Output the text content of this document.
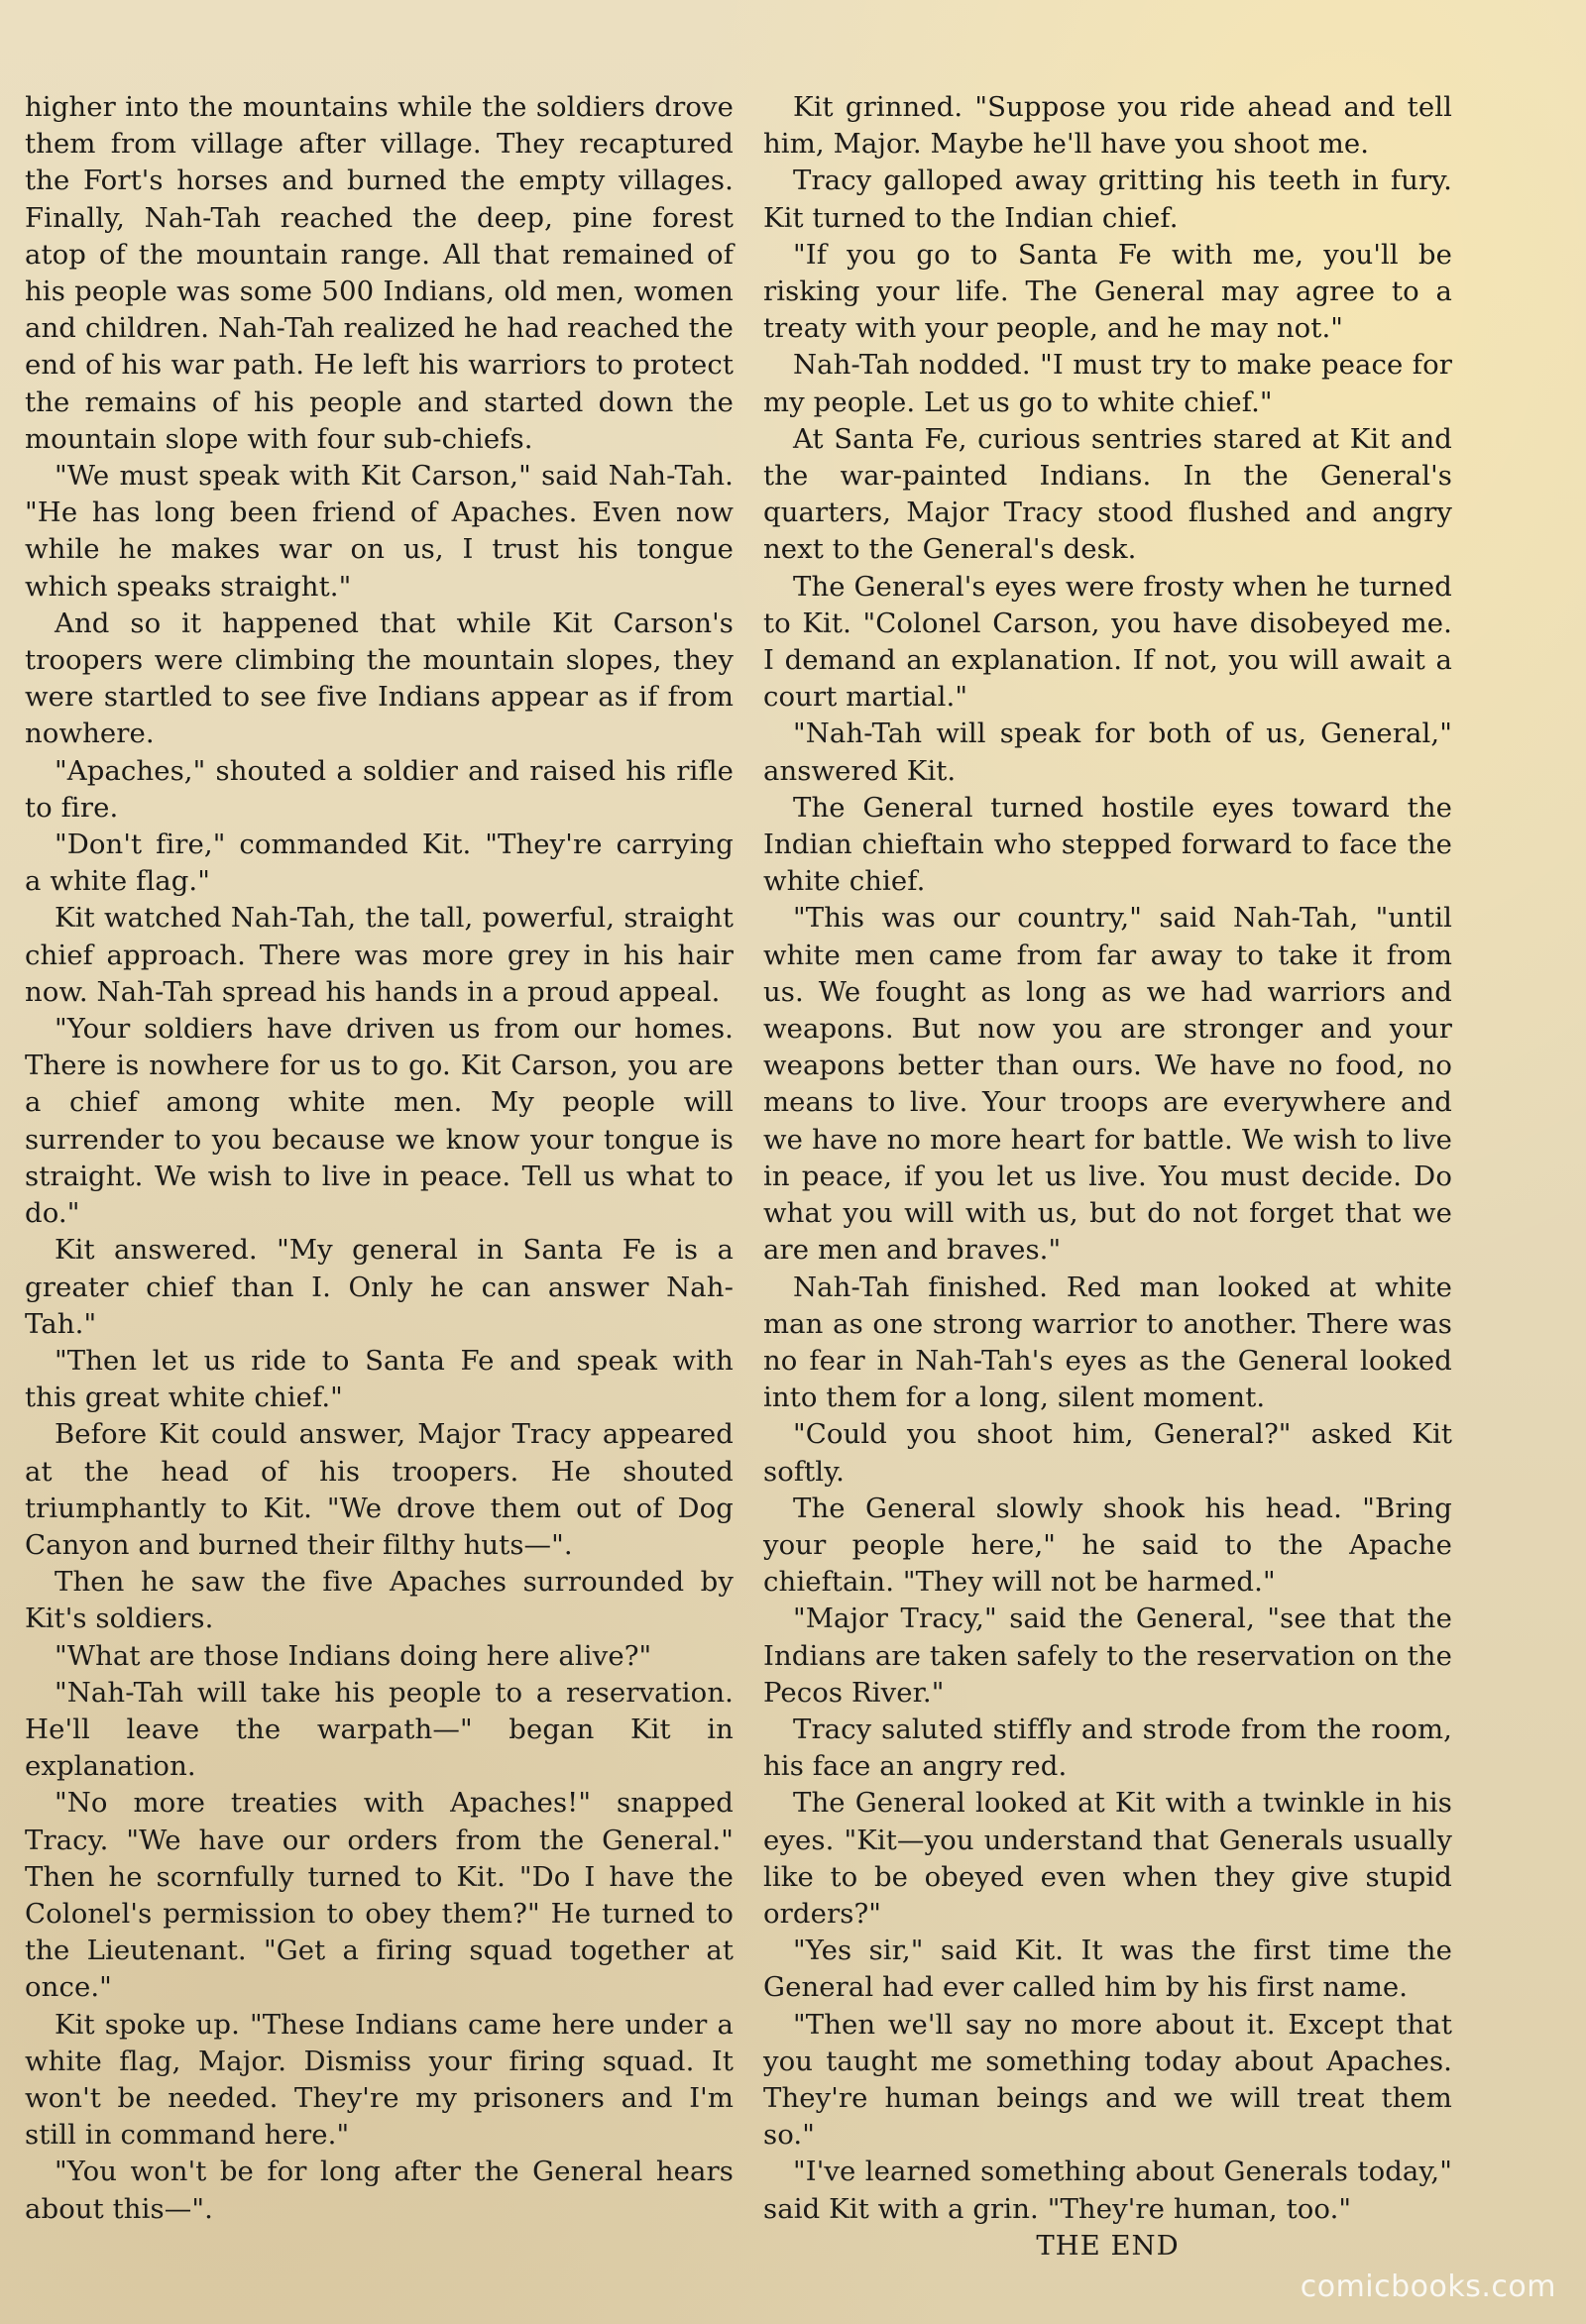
higher into the mountains while the soldiers drove them from village after village. They recaptured the Fort's horses and burned the empty villages. Finally, Nah-Tah reached the deep, pine forest atop of the mountain range. All that remained of his people was some 500 Indians, old men, women and children. Nah-Tah realized he had reached the end of his war path. He left his warriors to protect the remains of his people and started down the mountain slope with four sub-chiefs.

"We must speak with Kit Carson," said Nah-Tah. "He has long been friend of Apaches. Even now while he makes war on us, I trust his tongue which speaks straight."

And so it happened that while Kit Carson's troopers were climbing the mountain slopes, they were startled to see five Indians appear as if from nowhere.

"Apaches," shouted a soldier and raised his rifle to fire.

"Don't fire," commanded Kit. "They're carrying a white flag."

Kit watched Nah-Tah, the tall, powerful, straight chief approach. There was more grey in his hair now. Nah-Tah spread his hands in a proud appeal.

"Your soldiers have driven us from our homes. There is nowhere for us to go. Kit Carson, you are a chief among white men. My people will surrender to you because we know your tongue is straight. We wish to live in peace. Tell us what to do."

Kit answered. "My general in Santa Fe is a greater chief than I. Only he can answer Nah-Tah."

"Then let us ride to Santa Fe and speak with this great white chief."

Before Kit could answer, Major Tracy appeared at the head of his troopers. He shouted triumphantly to Kit. "We drove them out of Dog Canyon and burned their filthy huts—".

Then he saw the five Apaches surrounded by Kit's soldiers.

"What are those Indians doing here alive?"

"Nah-Tah will take his people to a reservation. He'll leave the warpath—" began Kit in explanation.

"No more treaties with Apaches!" snapped Tracy. "We have our orders from the General." Then he scornfully turned to Kit. "Do I have the Colonel's permission to obey them?" He turned to the Lieutenant. "Get a firing squad together at once."

Kit spoke up. "These Indians came here under a white flag, Major. Dismiss your firing squad. It won't be needed. They're my prisoners and I'm still in command here."

"You won't be for long after the General hears about this—".

Kit grinned. "Suppose you ride ahead and tell him, Major. Maybe he'll have you shoot me.

Tracy galloped away gritting his teeth in fury. Kit turned to the Indian chief.

"If you go to Santa Fe with me, you'll be risking your life. The General may agree to a treaty with your people, and he may not."

Nah-Tah nodded. "I must try to make peace for my people. Let us go to white chief."

At Santa Fe, curious sentries stared at Kit and the war-painted Indians. In the General's quarters, Major Tracy stood flushed and angry next to the General's desk.

The General's eyes were frosty when he turned to Kit. "Colonel Carson, you have disobeyed me. I demand an explanation. If not, you will await a court martial."

"Nah-Tah will speak for both of us, General," answered Kit.

The General turned hostile eyes toward the Indian chieftain who stepped forward to face the white chief.

"This was our country," said Nah-Tah, "until white men came from far away to take it from us. We fought as long as we had warriors and weapons. But now you are stronger and your weapons better than ours. We have no food, no means to live. Your troops are everywhere and we have no more heart for battle. We wish to live in peace, if you let us live. You must decide. Do what you will with us, but do not forget that we are men and braves."

Nah-Tah finished. Red man looked at white man as one strong warrior to another. There was no fear in Nah-Tah's eyes as the General looked into them for a long, silent moment.

"Could you shoot him, General?" asked Kit softly.

The General slowly shook his head. "Bring your people here," he said to the Apache chieftain. "They will not be harmed."

"Major Tracy," said the General, "see that the Indians are taken safely to the reservation on the Pecos River."

Tracy saluted stiffly and strode from the room, his face an angry red.

The General looked at Kit with a twinkle in his eyes. "Kit—you understand that Generals usually like to be obeyed even when they give stupid orders?"

"Yes sir," said Kit. It was the first time the General had ever called him by his first name.

"Then we'll say no more about it. Except that you taught me something today about Apaches. They're human beings and we will treat them so."

"I've learned something about Generals today," said Kit with a grin. "They're human, too."

THE END

comicbooks.com
